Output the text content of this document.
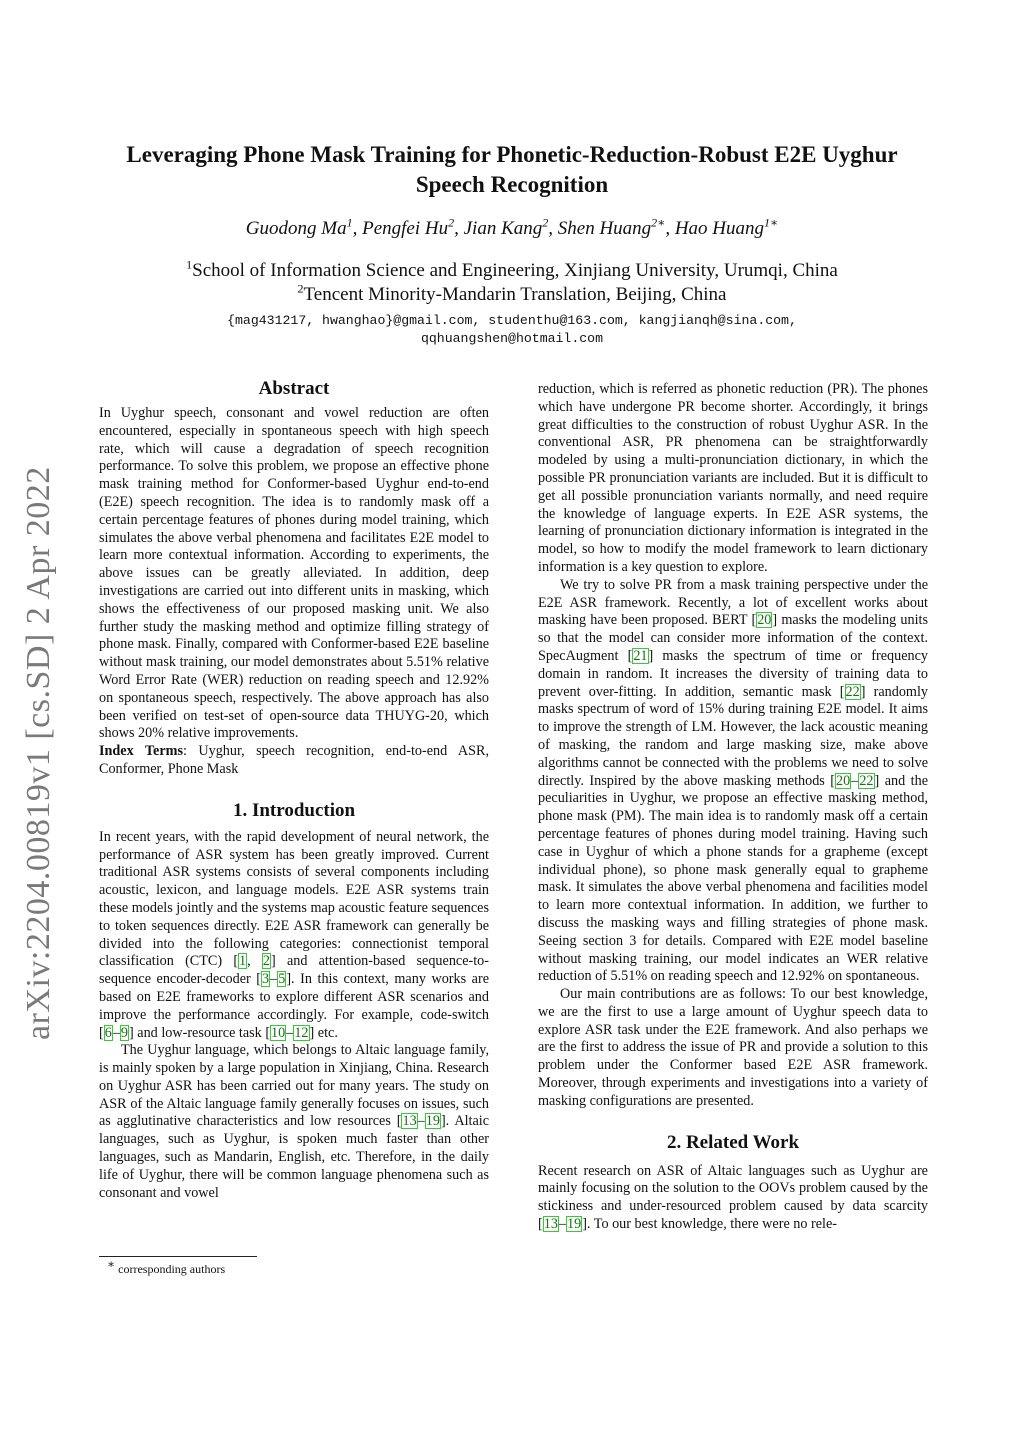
arXiv:2204.00819v1 [cs.SD] 2 Apr 2022
Leveraging Phone Mask Training for Phonetic-Reduction-Robust E2E Uyghur
Speech Recognition
Guodong Ma$^1$, Pengfei Hu$^2$, Jian Kang$^2$, Shen Huang$^{2∗}$, Hao Huang$^{1∗}$
$^1$School of Information Science and Engineering, Xinjiang University, Urumqi, China
$^2$Tencent Minority-Mandarin Translation, Beijing, China
{mag431217, hwanghao}@gmail.com, studenthu@163.com, kangjianqh@sina.com,
qqhuangshen@hotmail.com

Abstract

In Uyghur speech, consonant and vowel reduction are often encountered, especially in spontaneous speech with high speech rate, which will cause a degradation of speech recognition performance. To solve this problem, we propose an effective phone mask training method for Conformer-based Uyghur end-to-end (E2E) speech recognition. The idea is to randomly mask off a certain percentage features of phones during model training, which simulates the above verbal phenomena and facilitates E2E model to learn more contextual information. According to experiments, the above issues can be greatly alleviated. In addition, deep investigations are carried out into different units in masking, which shows the effectiveness of our proposed masking unit. We also further study the masking method and optimize filling strategy of phone mask. Finally, compared with Conformer-based E2E baseline without mask training, our model demonstrates about 5.51% relative Word Error Rate (WER) reduction on reading speech and 12.92% on spontaneous speech, respectively. The above approach has also been verified on test-set of open-source data THUYG-20, which shows 20% relative improvements.

Index Terms: Uyghur, speech recognition, end-to-end ASR, Conformer, Phone Mask

1. Introduction

In recent years, with the rapid development of neural network, the performance of ASR system has been greatly improved. Current traditional ASR systems consists of several components including acoustic, lexicon, and language models. E2E ASR systems train these models jointly and the systems map acoustic feature sequences to token sequences directly. E2E ASR framework can generally be divided into the following categories: connectionist temporal classification (CTC) [1, 2] and attention-based sequence-to-sequence encoder-decoder [3–5]. In this context, many works are based on E2E frameworks to explore different ASR scenarios and improve the performance accordingly. For example, code-switch [6–9] and low-resource task [10–12] etc.

The Uyghur language, which belongs to Altaic language family, is mainly spoken by a large population in Xinjiang, China. Research on Uyghur ASR has been carried out for many years. The study on ASR of the Altaic language family generally focuses on issues, such as agglutinative characteristics and low resources [13–19]. Altaic languages, such as Uyghur, is spoken much faster than other languages, such as Mandarin, English, etc. Therefore, in the daily life of Uyghur, there will be common language phenomena such as consonant and vowel

∗ corresponding authors

reduction, which is referred as phonetic reduction (PR). The phones which have undergone PR become shorter. Accordingly, it brings great difficulties to the construction of robust Uyghur ASR. In the conventional ASR, PR phenomena can be straightforwardly modeled by using a multi-pronunciation dictionary, in which the possible PR pronunciation variants are included. But it is difficult to get all possible pronunciation variants normally, and need require the knowledge of language experts. In E2E ASR systems, the learning of pronunciation dictionary information is integrated in the model, so how to modify the model framework to learn dictionary information is a key question to explore.

We try to solve PR from a mask training perspective under the E2E ASR framework. Recently, a lot of excellent works about masking have been proposed. BERT [20] masks the modeling units so that the model can consider more information of the context. SpecAugment [21] masks the spectrum of time or frequency domain in random. It increases the diversity of training data to prevent over-fitting. In addition, semantic mask [22] randomly masks spectrum of word of 15% during training E2E model. It aims to improve the strength of LM. However, the lack acoustic meaning of masking, the random and large masking size, make above algorithms cannot be connected with the problems we need to solve directly. Inspired by the above masking methods [20–22] and the peculiarities in Uyghur, we propose an effective masking method, phone mask (PM). The main idea is to randomly mask off a certain percentage features of phones during model training. Having such case in Uyghur of which a phone stands for a grapheme (except individual phone), so phone mask generally equal to grapheme mask. It simulates the above verbal phenomena and facilities model to learn more contextual information. In addition, we further to discuss the masking ways and filling strategies of phone mask. Seeing section 3 for details. Compared with E2E model baseline without masking training, our model indicates an WER relative reduction of 5.51% on reading speech and 12.92% on spontaneous.

Our main contributions are as follows: To our best knowledge, we are the first to use a large amount of Uyghur speech data to explore ASR task under the E2E framework. And also perhaps we are the first to address the issue of PR and provide a solution to this problem under the Conformer based E2E ASR framework. Moreover, through experiments and investigations into a variety of masking configurations are presented.

2. Related Work

Recent research on ASR of Altaic languages such as Uyghur are mainly focusing on the solution to the OOVs problem caused by the stickiness and under-resourced problem caused by data scarcity [13–19]. To our best knowledge, there were no rele-
